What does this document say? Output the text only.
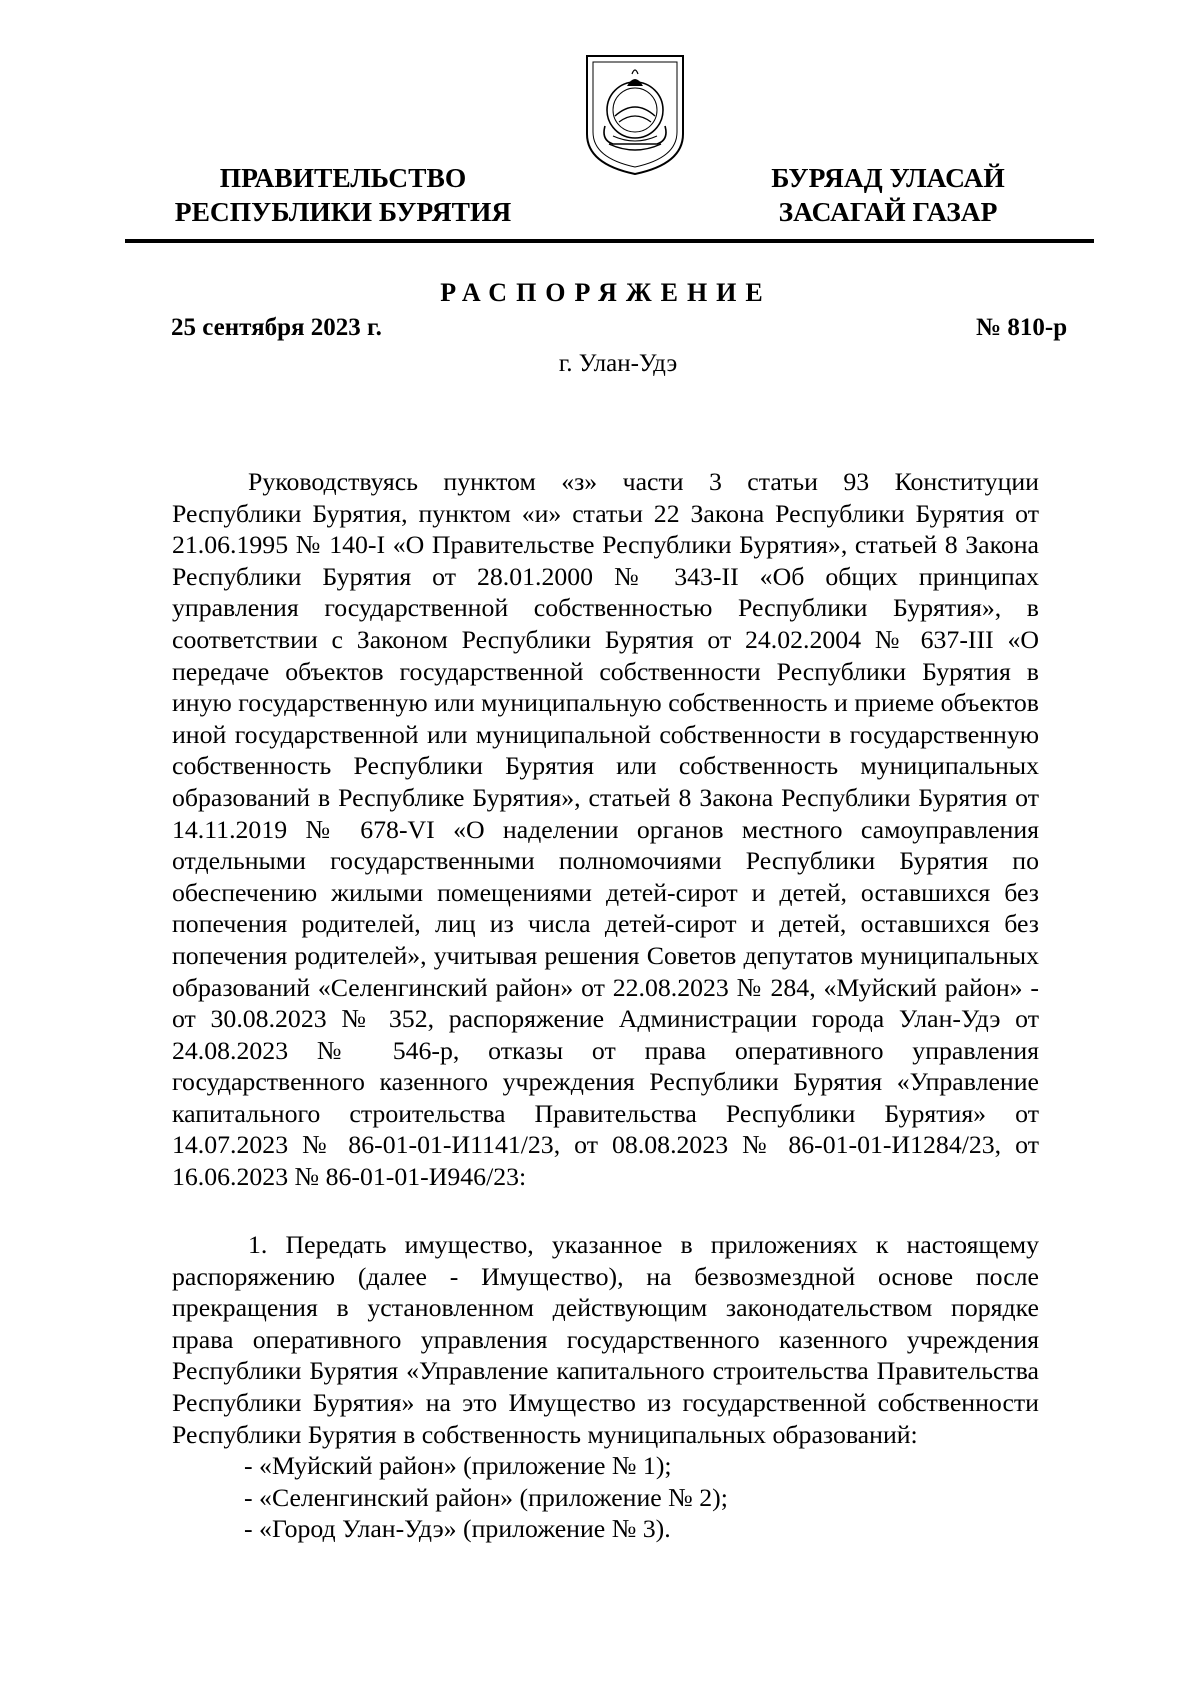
ПРАВИТЕЛЬСТВО
РЕСПУБЛИКИ БУРЯТИЯ
БУРЯАД УЛАСАЙ
ЗАСАГАЙ ГАЗАР
РАСПОРЯЖЕНИЕ
25 сентября 2023 г.	№ 810-р
г. Улан-Удэ
Руководствуясь пунктом «з» части 3 статьи 93 Конституции Республики Бурятия, пунктом «и» статьи 22 Закона Республики Бурятия от 21.06.1995 № 140-I «О Правительстве Республики Бурятия», статьей 8 Закона Республики Бурятия от 28.01.2000 № 343-II «Об общих принципах управления государственной собственностью Республики Бурятия», в соответствии с Законом Республики Бурятия от 24.02.2004 № 637-III «О передаче объектов государственной собственности Республики Бурятия в иную государственную или муниципальную собственность и приеме объектов иной государственной или муниципальной собственности в государственную собственность Республики Бурятия или собственность муниципальных образований в Республике Бурятия», статьей 8 Закона Республики Бурятия от 14.11.2019 № 678-VI «О наделении органов местного самоуправления отдельными государственными полномочиями Республики Бурятия по обеспечению жилыми помещениями детей-сирот и детей, оставшихся без попечения родителей, лиц из числа детей-сирот и детей, оставшихся без попечения родителей», учитывая решения Советов депутатов муниципальных образований «Селенгинский район» от 22.08.2023 № 284, «Муйский район» - от 30.08.2023 № 352, распоряжение Администрации города Улан-Удэ от 24.08.2023 № 546-р, отказы от права оперативного управления государственного казенного учреждения Республики Бурятия «Управление капитального строительства Правительства Республики Бурятия» от 14.07.2023 № 86-01-01-И1141/23, от 08.08.2023 № 86-01-01-И1284/23, от 16.06.2023 № 86-01-01-И946/23:
1. Передать имущество, указанное в приложениях к настоящему распоряжению (далее - Имущество), на безвозмездной основе после прекращения в установленном действующим законодательством порядке права оперативного управления государственного казенного учреждения Республики Бурятия «Управление капитального строительства Правительства Республики Бурятия» на это Имущество из государственной собственности Республики Бурятия в собственность муниципальных образований:
- «Муйский район» (приложение № 1);
- «Селенгинский район» (приложение № 2);
- «Город Улан-Удэ» (приложение № 3).
